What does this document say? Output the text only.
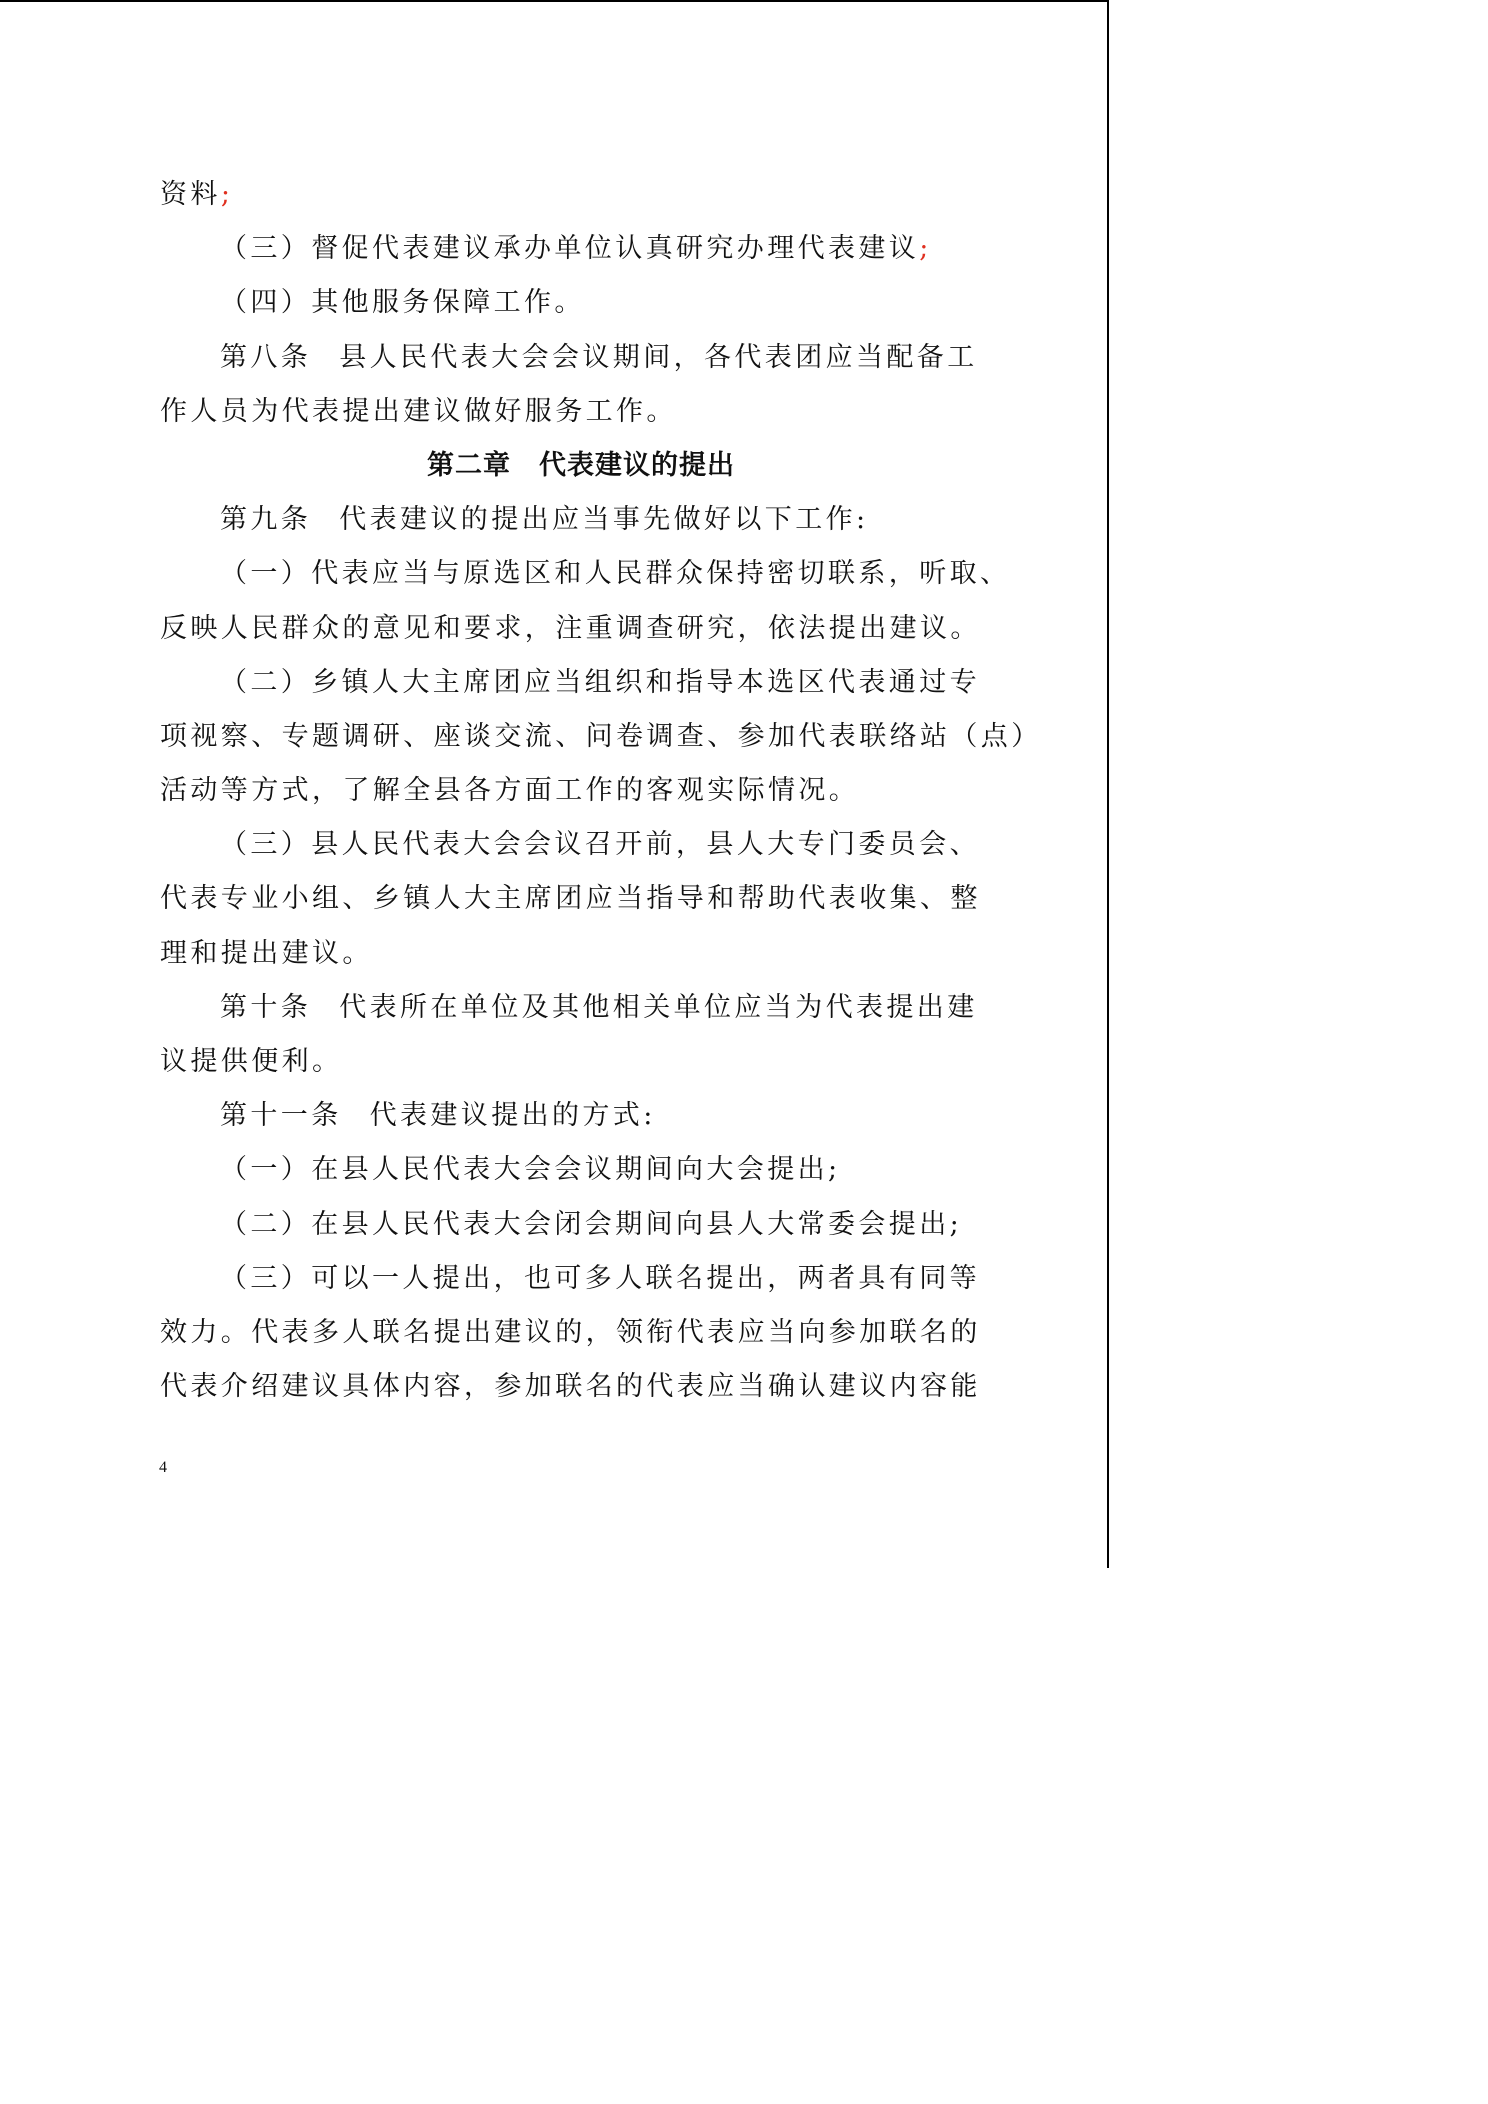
资料;

（三）督促代表建议承办单位认真研究办理代表建议;

（四）其他服务保障工作。

第八条 县人民代表大会会议期间，各代表团应当配备工

作人员为代表提出建议做好服务工作。

第二章 代表建议的提出

第九条 代表建议的提出应当事先做好以下工作:

（一）代表应当与原选区和人民群众保持密切联系，听取、

反映人民群众的意见和要求，注重调查研究，依法提出建议。

（二）乡镇人大主席团应当组织和指导本选区代表通过专

项视察、专题调研、座谈交流、问卷调查、参加代表联络站（点）

活动等方式，了解全县各方面工作的客观实际情况。

（三）县人民代表大会会议召开前，县人大专门委员会、

代表专业小组、乡镇人大主席团应当指导和帮助代表收集、整

理和提出建议。

第十条 代表所在单位及其他相关单位应当为代表提出建

议提供便利。

第十一条 代表建议提出的方式:

（一）在县人民代表大会会议期间向大会提出;

（二）在县人民代表大会闭会期间向县人大常委会提出;

（三）可以一人提出，也可多人联名提出，两者具有同等

效力。代表多人联名提出建议的，领衔代表应当向参加联名的

代表介绍建议具体内容，参加联名的代表应当确认建议内容能

4
